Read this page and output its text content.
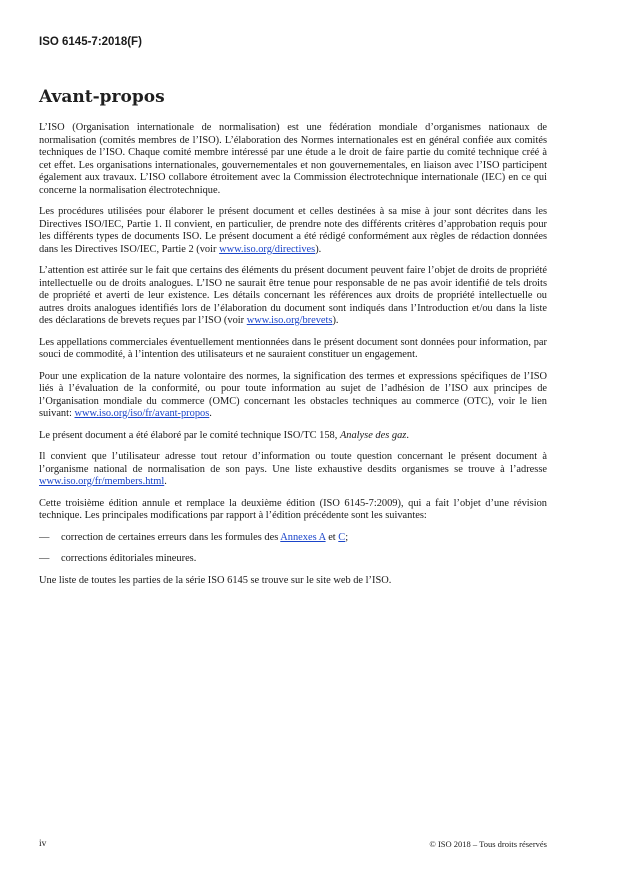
ISO 6145-7:2018(F)
Avant-propos

L’ISO (Organisation internationale de normalisation) est une fédération mondiale d’organismes nationaux de normalisation (comités membres de l’ISO). L’élaboration des Normes internationales est en général confiée aux comités techniques de l’ISO. Chaque comité membre intéressé par une étude a le droit de faire partie du comité technique créé à cet effet. Les organisations internationales, gouvernementales et non gouvernementales, en liaison avec l’ISO participent également aux travaux. L’ISO collabore étroitement avec la Commission électrotechnique internationale (IEC) en ce qui concerne la normalisation électrotechnique.

Les procédures utilisées pour élaborer le présent document et celles destinées à sa mise à jour sont décrites dans les Directives ISO/IEC, Partie 1. Il convient, en particulier, de prendre note des différents critères d’approbation requis pour les différents types de documents ISO. Le présent document a été rédigé conformément aux règles de rédaction données dans les Directives ISO/IEC, Partie 2 (voir www.iso.org/directives).

L’attention est attirée sur le fait que certains des éléments du présent document peuvent faire l’objet de droits de propriété intellectuelle ou de droits analogues. L’ISO ne saurait être tenue pour responsable de ne pas avoir identifié de tels droits de propriété et averti de leur existence. Les détails concernant les références aux droits de propriété intellectuelle ou autres droits analogues identifiés lors de l’élaboration du document sont indiqués dans l’Introduction et/ou dans la liste des déclarations de brevets reçues par l’ISO (voir www.iso.org/brevets).

Les appellations commerciales éventuellement mentionnées dans le présent document sont données pour information, par souci de commodité, à l’intention des utilisateurs et ne sauraient constituer un engagement.

Pour une explication de la nature volontaire des normes, la signification des termes et expressions spécifiques de l’ISO liés à l’évaluation de la conformité, ou pour toute information au sujet de l’adhésion de l’ISO aux principes de l’Organisation mondiale du commerce (OMC) concernant les obstacles techniques au commerce (OTC), voir le lien suivant: www.iso.org/iso/fr/avant-propos.

Le présent document a été élaboré par le comité technique ISO/TC 158, Analyse des gaz.

Il convient que l’utilisateur adresse tout retour d’information ou toute question concernant le présent document à l’organisme national de normalisation de son pays. Une liste exhaustive desdits organismes se trouve à l’adresse www.iso.org/fr/members.html.

Cette troisième édition annule et remplace la deuxième édition (ISO 6145-7:2009), qui a fait l’objet d’une révision technique. Les principales modifications par rapport à l’édition précédente sont les suivantes:

—	correction de certaines erreurs dans les formules des Annexes A et C;
—	corrections éditoriales mineures.

Une liste de toutes les parties de la série ISO 6145 se trouve sur le site web de l’ISO.

iv	© ISO 2018 – Tous droits réservés
